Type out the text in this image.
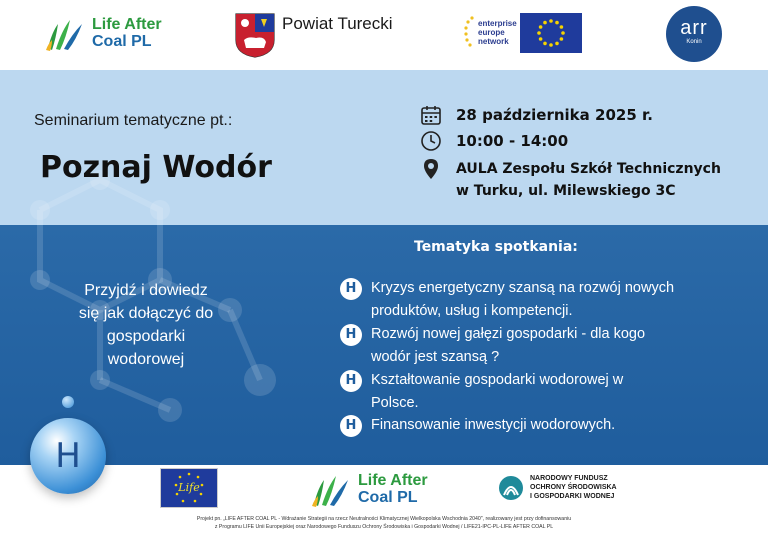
Life After
Coal PL
Powiat Turecki	enterprise
europe
network
arr
Konin
Seminarium tematyczne pt.:
Poznaj Wodór
28 października 2025 r.
10:00 - 14:00
AULA Zespołu Szkół Technicznych
w Turku, ul. Milewskiego 3C
Przyjdź i dowiedz
się jak dołączyć do
gospodarki
wodorowej
Tematyka spotkania:
H	Kryzys energetyczny szansą na rozwój nowych
produktów, usług i kompetencji.
H	Rozwój nowej gałęzi gospodarki - dla kogo
wodór jest szansą ?
H	Kształtowanie gospodarki wodorowej w
Polsce.
H	Finansowanie inwestycji wodorowych.
H
Life	Life After
Coal PL
NARODOWY FUNDUSZ
OCHRONY ŚRODOWISKA
I GOSPODARKI WODNEJ
Projekt pn. „LIFE AFTER COAL PL - Wdrażanie Strategii na rzecz Neutralności Klimatycznej Wielkopolska Wschodnia 2040", realizowany jest przy dofinansowaniu
z Programu LIFE Unii Europejskiej oraz Narodowego Funduszu Ochrony Środowiska i Gospodarki Wodnej / LIFE21-IPC-PL-LIFE AFTER COAL PL
